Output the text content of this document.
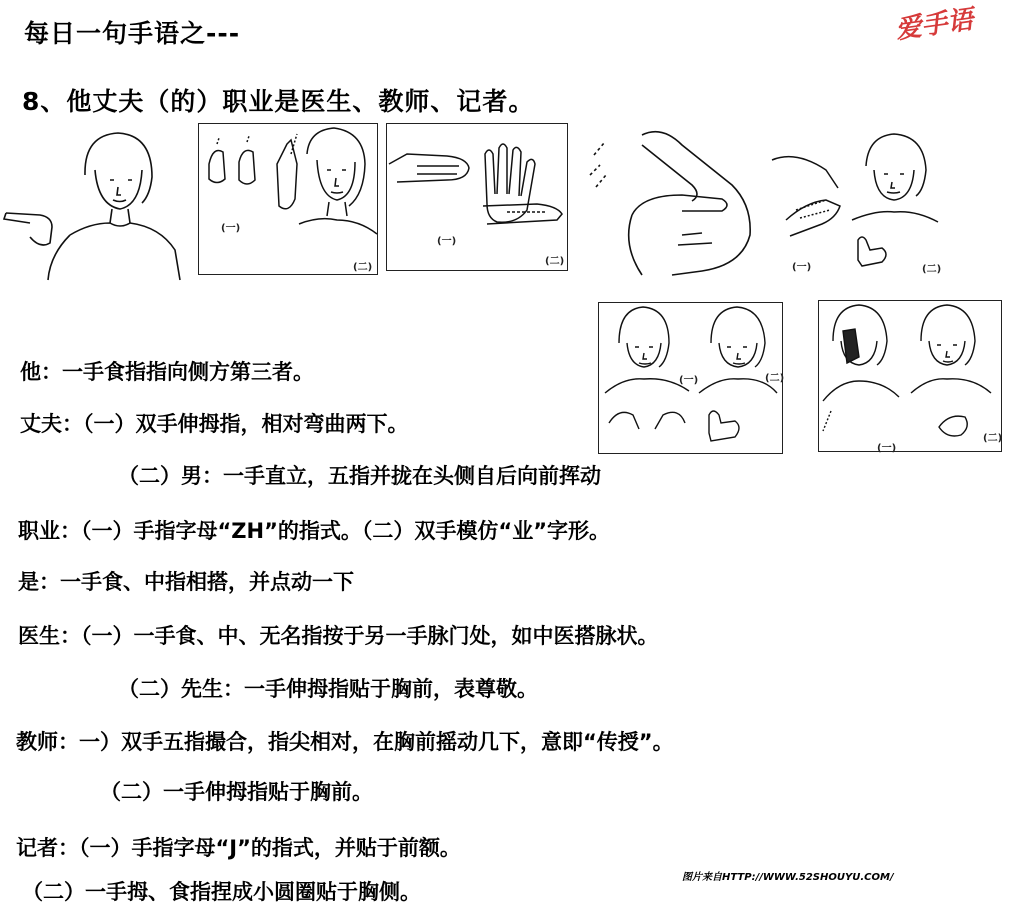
每日一句手语之---	爱手语
8、他丈夫（的）职业是医生、教师、记者。
(一)
(二)
(一)
(二)
(一)	(二)
(一)	(二)
(一)
(二)
他：一手食指指向侧方第三者。
丈夫：（一）双手伸拇指，相对弯曲两下。
（二）男：一手直立，五指并拢在头侧自后向前挥动
职业：（一）手指字母“ZH”的指式。（二）双手模仿“业”字形。
是：一手食、中指相搭，并点动一下
医生：（一）一手食、中、无名指按于另一手脉门处，如中医搭脉状。
（二）先生：一手伸拇指贴于胸前，表尊敬。
教师：一）双手五指撮合，指尖相对，在胸前摇动几下，意即“传授”。
（二）一手伸拇指贴于胸前。
记者：（一）手指字母“J”的指式，并贴于前额。
（二）一手拇、食指捏成小圆圈贴于胸侧。
图片来自HTTP://WWW.52SHOUYU.COM/
